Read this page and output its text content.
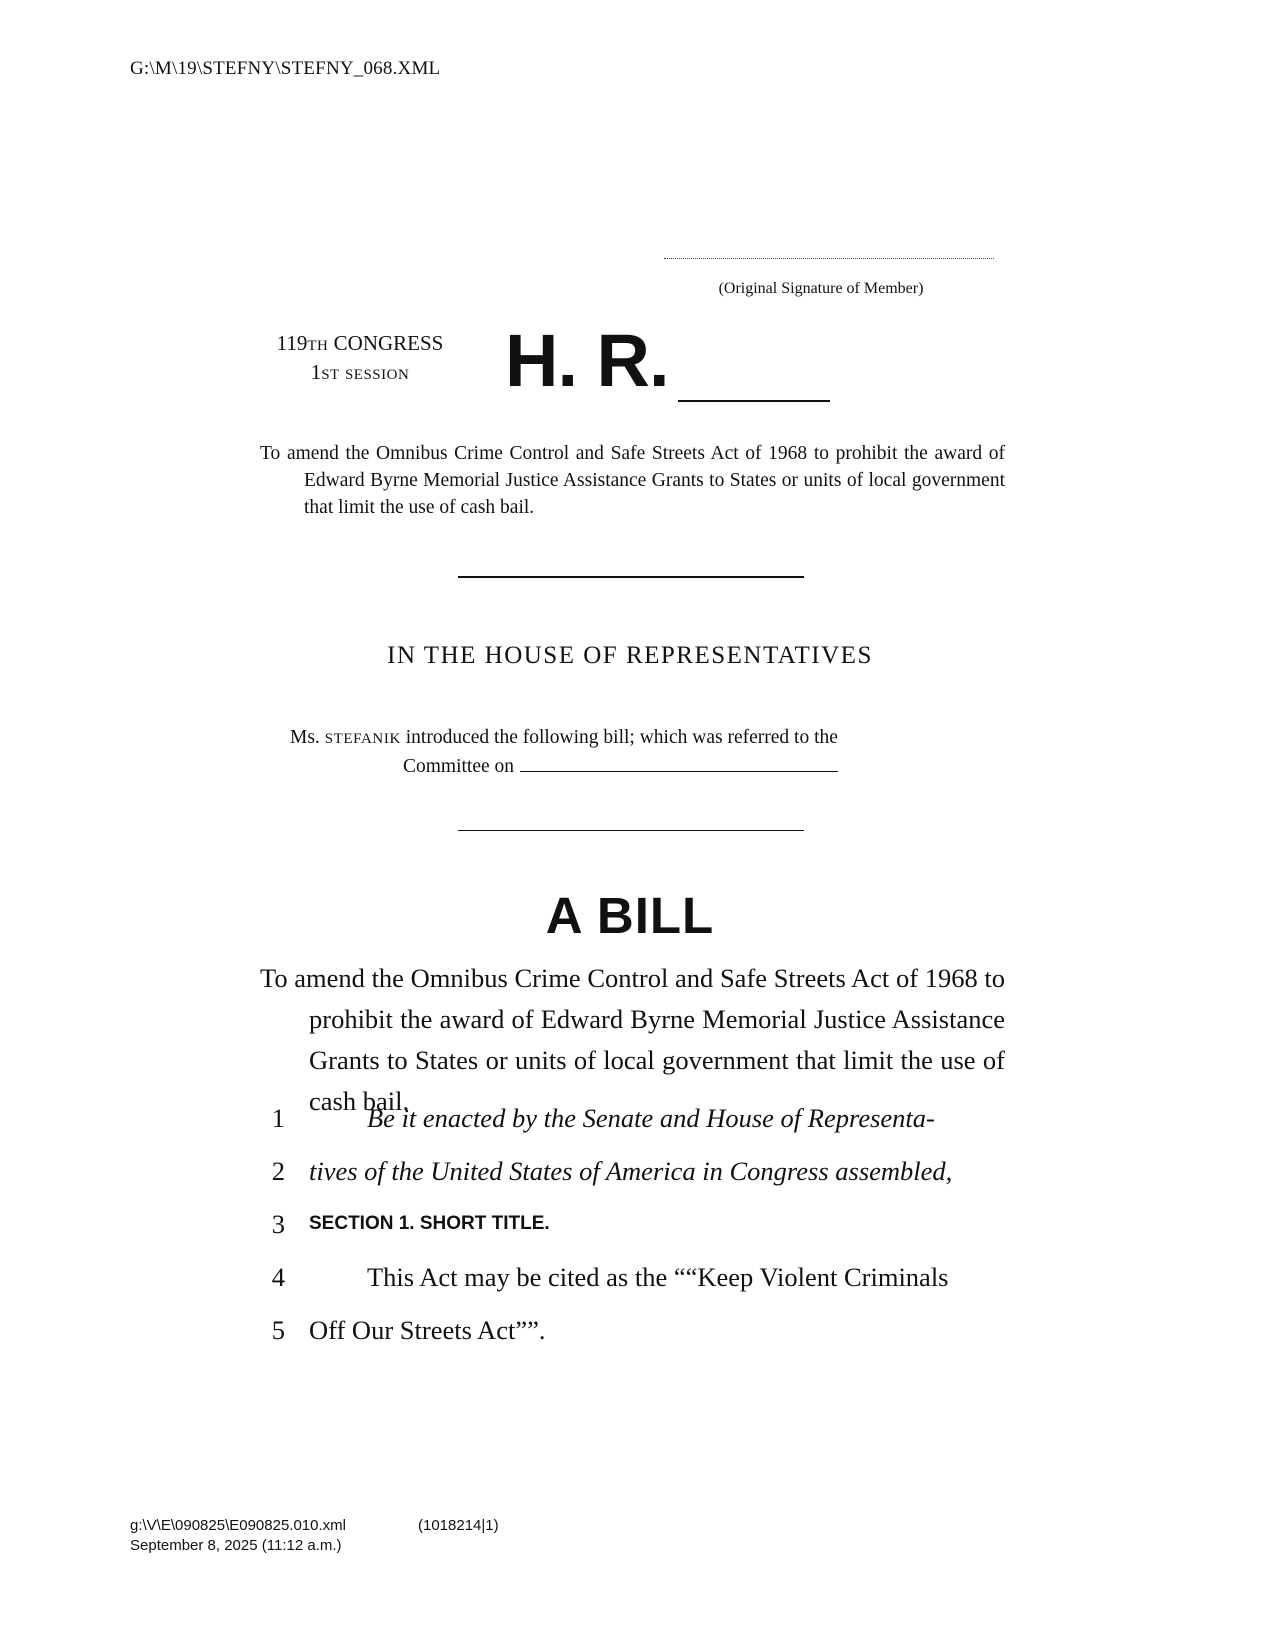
G:\M\19\STEFNY\STEFNY_068.XML
(Original Signature of Member)
119TH CONGRESS
1ST SESSION	H. R.
To amend the Omnibus Crime Control and Safe Streets Act of 1968 to prohibit the award of Edward Byrne Memorial Justice Assistance Grants to States or units of local government that limit the use of cash bail.
IN THE HOUSE OF REPRESENTATIVES
Ms. STEFANIK introduced the following bill; which was referred to the
Committee on
A BILL
To amend the Omnibus Crime Control and Safe Streets Act of 1968 to prohibit the award of Edward Byrne Memorial Justice Assistance Grants to States or units of local government that limit the use of cash bail.
1	Be it enacted by the Senate and House of Representa-
2 tives of the United States of America in Congress assembled,
3 SECTION 1. SHORT TITLE.
4	This Act may be cited as the ““Keep Violent Criminals
5 Off Our Streets Act””.
g:\V\E\090825\E090825.010.xml
September 8, 2025 (11:12 a.m.)
(1018214|1)
